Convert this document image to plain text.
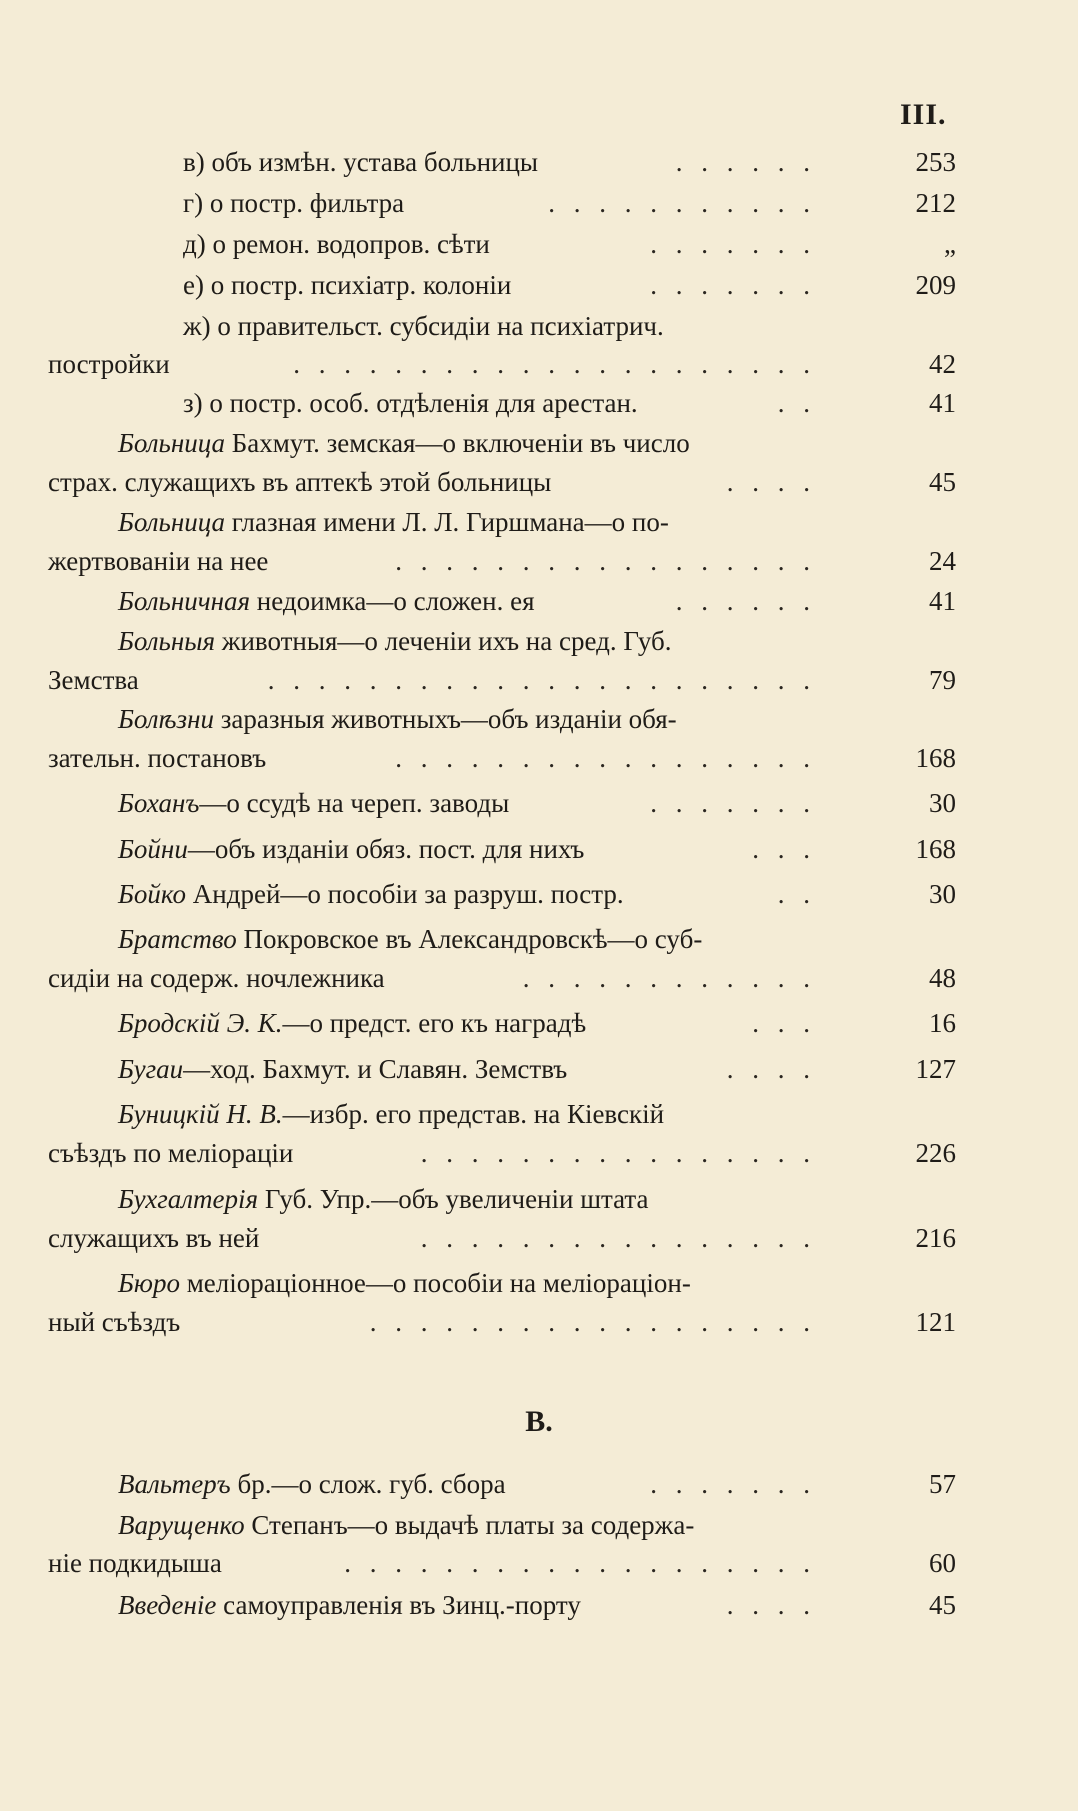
III.
в) объ измѣн. устава больницы	. . . . . .	253
г) о постр. фильтра	. . . . . . . . . . .	212
д) о ремон. водопров. сѣти	. . . . . . .	„
е) о постр. психіатр. колоніи	. . . . . . .	209
ж) о правительст. субсидіи на психіатрич.
постройки	. . . . . . . . . . . . . . . . . . . . .	42
з) о постр. особ. отдѣленія для арестан.	. .	41
Больница Бахмут. земская—о включеніи въ число
страх. служащихъ въ аптекѣ этой больницы	. . . .	45
Больница глазная имени Л. Л. Гиршмана—о по-
жертвованіи на нее	. . . . . . . . . . . . . . . . .	24
Больничная недоимка—о сложен. ея	. . . . . .	41
Больныя животныя—о леченіи ихъ на сред. Губ.
Земства	. . . . . . . . . . . . . . . . . . . . . .	79
Болѣзни заразныя животныхъ—объ изданіи обя-
зательн. постановъ	. . . . . . . . . . . . . . . . .	168
Боханъ—о ссудѣ на череп. заводы	. . . . . . .	30
Бойни—объ изданіи обяз. пост. для нихъ	. . .	168
Бойко Андрей—о пособіи за разруш. постр.	. .	30
Братство Покровское въ Александровскѣ—о суб-
сидіи на содерж. ночлежника	. . . . . . . . . . . .	48
Бродскій Э. К.—о предст. его къ наградѣ	. . .	16
Бугаи—ход. Бахмут. и Славян. Земствъ	. . . .	127
Буницкій Н. В.—избр. его представ. на Кіевскій
съѣздъ по мелiораціи	. . . . . . . . . . . . . . . .	226
Бухгалтерія Губ. Упр.—объ увеличеніи штата
служащихъ въ ней	. . . . . . . . . . . . . . . .	216
Бюро меліораціонное—о пособіи на меліораціон-
ный съѣздъ	. . . . . . . . . . . . . . . . . .	121
Вальтеръ бр.—о слож. губ. сбора	. . . . . . .	57
Варущенко Степанъ—о выдачѣ платы за содержа-
ніе подкидыша	. . . . . . . . . . . . . . . . . . .	60
Введеніе самоуправленія въ Зинц.-порту	. . . .	45
В.
